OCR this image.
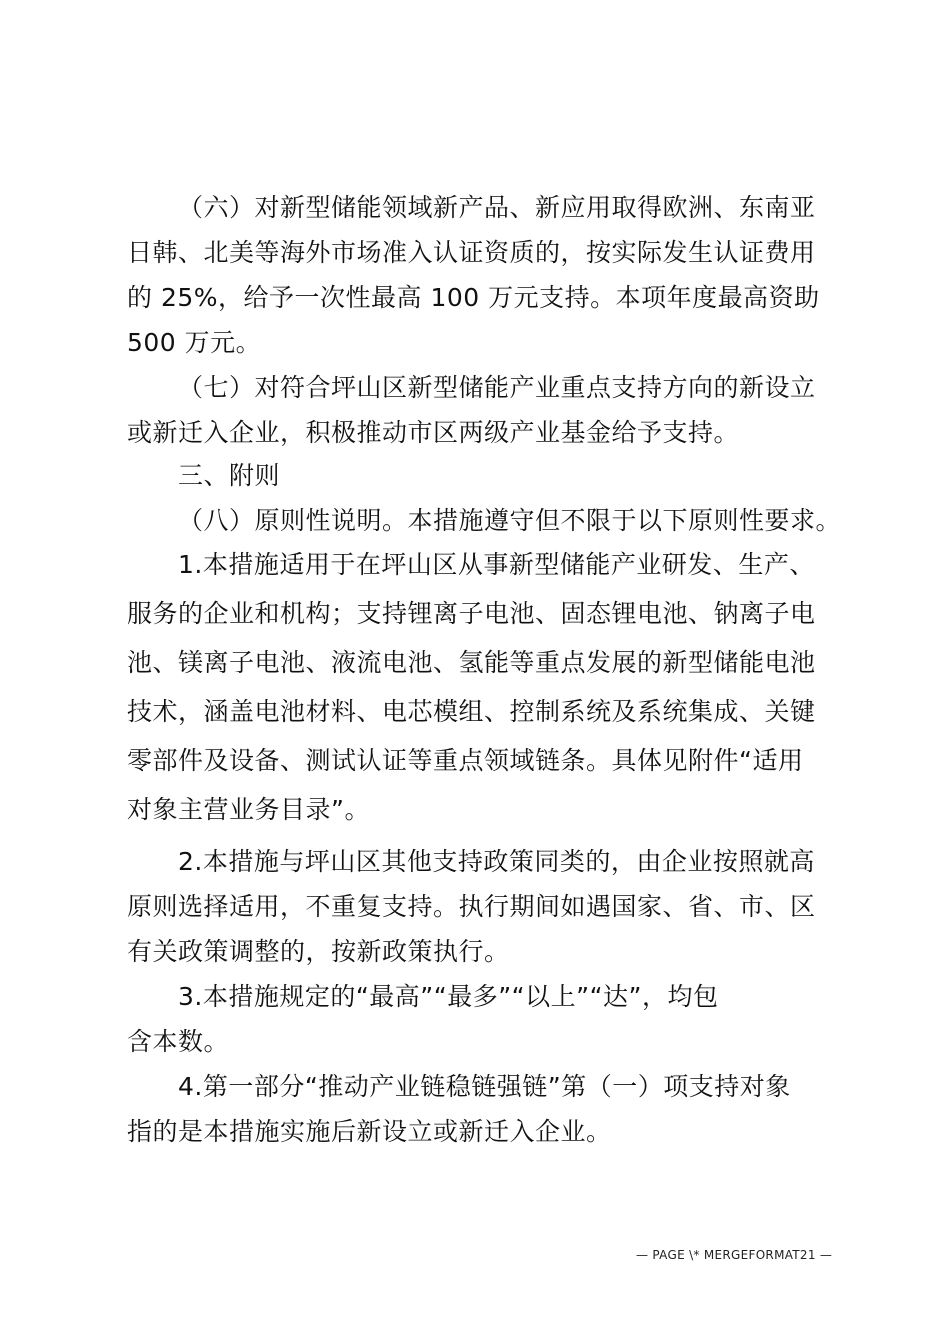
（六）对新型储能领域新产品、新应用取得欧洲、东南亚
日韩、北美等海外市场准入认证资质的，按实际发生认证费用
的 25%，给予一次性最高 100 万元支持。本项年度最高资助
500 万元。
（七）对符合坪山区新型储能产业重点支持方向的新设立
或新迁入企业，积极推动市区两级产业基金给予支持。
三、附则
（八）原则性说明。本措施遵守但不限于以下原则性要求。
1.本措施适用于在坪山区从事新型储能产业研发、生产、
服务的企业和机构；支持锂离子电池、固态锂电池、钠离子电
池、镁离子电池、液流电池、氢能等重点发展的新型储能电池
技术，涵盖电池材料、电芯模组、控制系统及系统集成、关键
零部件及设备、测试认证等重点领域链条。具体见附件“适用
对象主营业务目录”。
2.本措施与坪山区其他支持政策同类的，由企业按照就高
原则选择适用，不重复支持。执行期间如遇国家、省、市、区
有关政策调整的，按新政策执行。
3.本措施规定的“最高”“最多”“以上”“达”，均包
含本数。
4.第一部分“推动产业链稳链强链”第（一）项支持对象
指的是本措施实施后新设立或新迁入企业。
— PAGE \* MERGEFORMAT21 —
